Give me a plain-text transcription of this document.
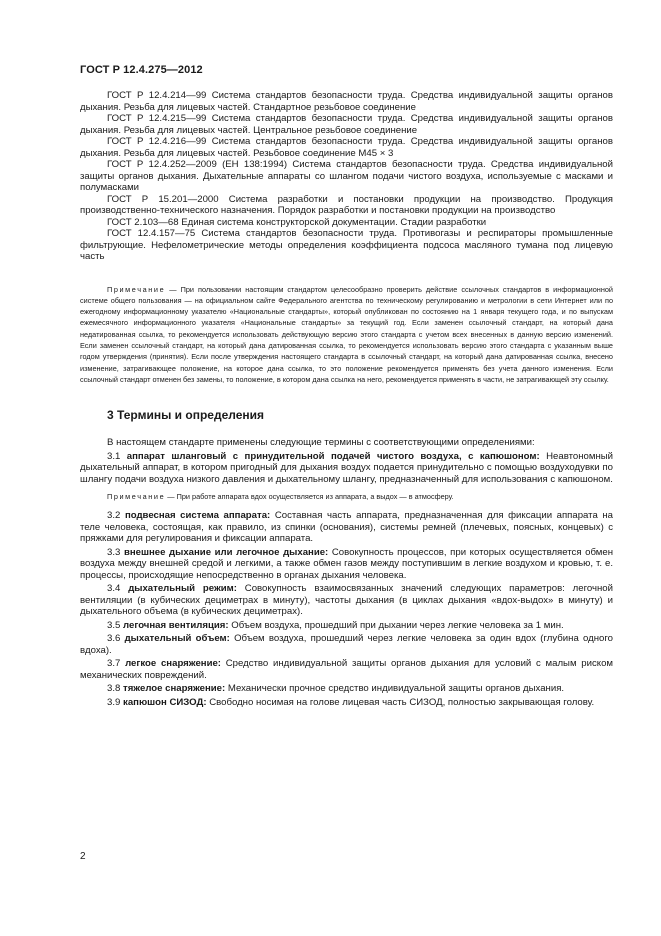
ГОСТ Р 12.4.275—2012

ГОСТ Р 12.4.214—99 Система стандартов безопасности труда. Средства индивидуальной защиты органов дыхания. Резьба для лицевых частей. Стандартное резьбовое соединение

ГОСТ Р 12.4.215—99 Система стандартов безопасности труда. Средства индивидуальной защиты органов дыхания. Резьба для лицевых частей. Центральное резьбовое соединение

ГОСТ Р 12.4.216—99 Система стандартов безопасности труда. Средства индивидуальной защиты органов дыхания. Резьба для лицевых частей. Резьбовое соединение М45 × 3

ГОСТ Р 12.4.252—2009 (ЕН 138:1994) Система стандартов безопасности труда. Средства индивидуальной защиты органов дыхания. Дыхательные аппараты со шлангом подачи чистого воздуха, используемые с масками и полумасками

ГОСТ Р 15.201—2000 Система разработки и постановки продукции на производство. Продукция производственно-технического назначения. Порядок разработки и постановки продукции на производство

ГОСТ 2.103—68 Единая система конструкторской документации. Стадии разработки

ГОСТ 12.4.157—75 Система стандартов безопасности труда. Противогазы и респираторы промышленные фильтрующие. Нефелометрические методы определения коэффициента подсоса масляного тумана под лицевую часть

Примечание — При пользовании настоящим стандартом целесообразно проверить действие ссылочных стандартов в информационной системе общего пользования — на официальном сайте Федерального агентства по техническому регулированию и метрологии в сети Интернет или по ежегодному информационному указателю «Национальные стандарты», который опубликован по состоянию на 1 января текущего года, и по выпускам ежемесячного информационного указателя «Национальные стандарты» за текущий год. Если заменен ссылочный стандарт, на который дана недатированная ссылка, то рекомендуется использовать действующую версию этого стандарта с учетом всех внесенных в данную версию изменений. Если заменен ссылочный стандарт, на который дана датированная ссылка, то рекомендуется использовать версию этого стандарта с указанным выше годом утверждения (принятия). Если после утверждения настоящего стандарта в ссылочный стандарт, на который дана датированная ссылка, внесено изменение, затрагивающее положение, на которое дана ссылка, то это положение рекомендуется применять без учета данного изменения. Если ссылочный стандарт отменен без замены, то положение, в котором дана ссылка на него, рекомендуется применять в части, не затрагивающей эту ссылку.

3 Термины и определения

В настоящем стандарте применены следующие термины с соответствующими определениями:

3.1 аппарат шланговый с принудительной подачей чистого воздуха, с капюшоном: Неавтономный дыхательный аппарат, в котором пригодный для дыхания воздух подается принудительно с помощью воздуходувки по шлангу подачи воздуха низкого давления и дыхательному шлангу, предназначенный для использования с капюшоном.

Примечание — При работе аппарата вдох осуществляется из аппарата, а выдох — в атмосферу.

3.2 подвесная система аппарата: Составная часть аппарата, предназначенная для фиксации аппарата на теле человека, состоящая, как правило, из спинки (основания), системы ремней (плечевых, поясных, концевых) с пряжками для регулирования и фиксации аппарата.

3.3 внешнее дыхание или легочное дыхание: Совокупность процессов, при которых осуществляется обмен воздуха между внешней средой и легкими, а также обмен газов между поступившим в легкие воздухом и кровью, т. е. процессы, происходящие непосредственно в органах дыхания человека.

3.4 дыхательный режим: Совокупность взаимосвязанных значений следующих параметров: легочной вентиляции (в кубических дециметрах в минуту), частоты дыхания (в циклах дыхания «вдох-выдох» в минуту) и дыхательного объема (в кубических дециметрах).

3.5 легочная вентиляция: Объем воздуха, прошедший при дыхании через легкие человека за 1 мин.

3.6 дыхательный объем: Объем воздуха, прошедший через легкие человека за один вдох (глубина одного вдоха).

3.7 легкое снаряжение: Средство индивидуальной защиты органов дыхания для условий с малым риском механических повреждений.

3.8 тяжелое снаряжение: Механически прочное средство индивидуальной защиты органов дыхания.

3.9 капюшон СИЗОД: Свободно носимая на голове лицевая часть СИЗОД, полностью закрывающая голову.

2
